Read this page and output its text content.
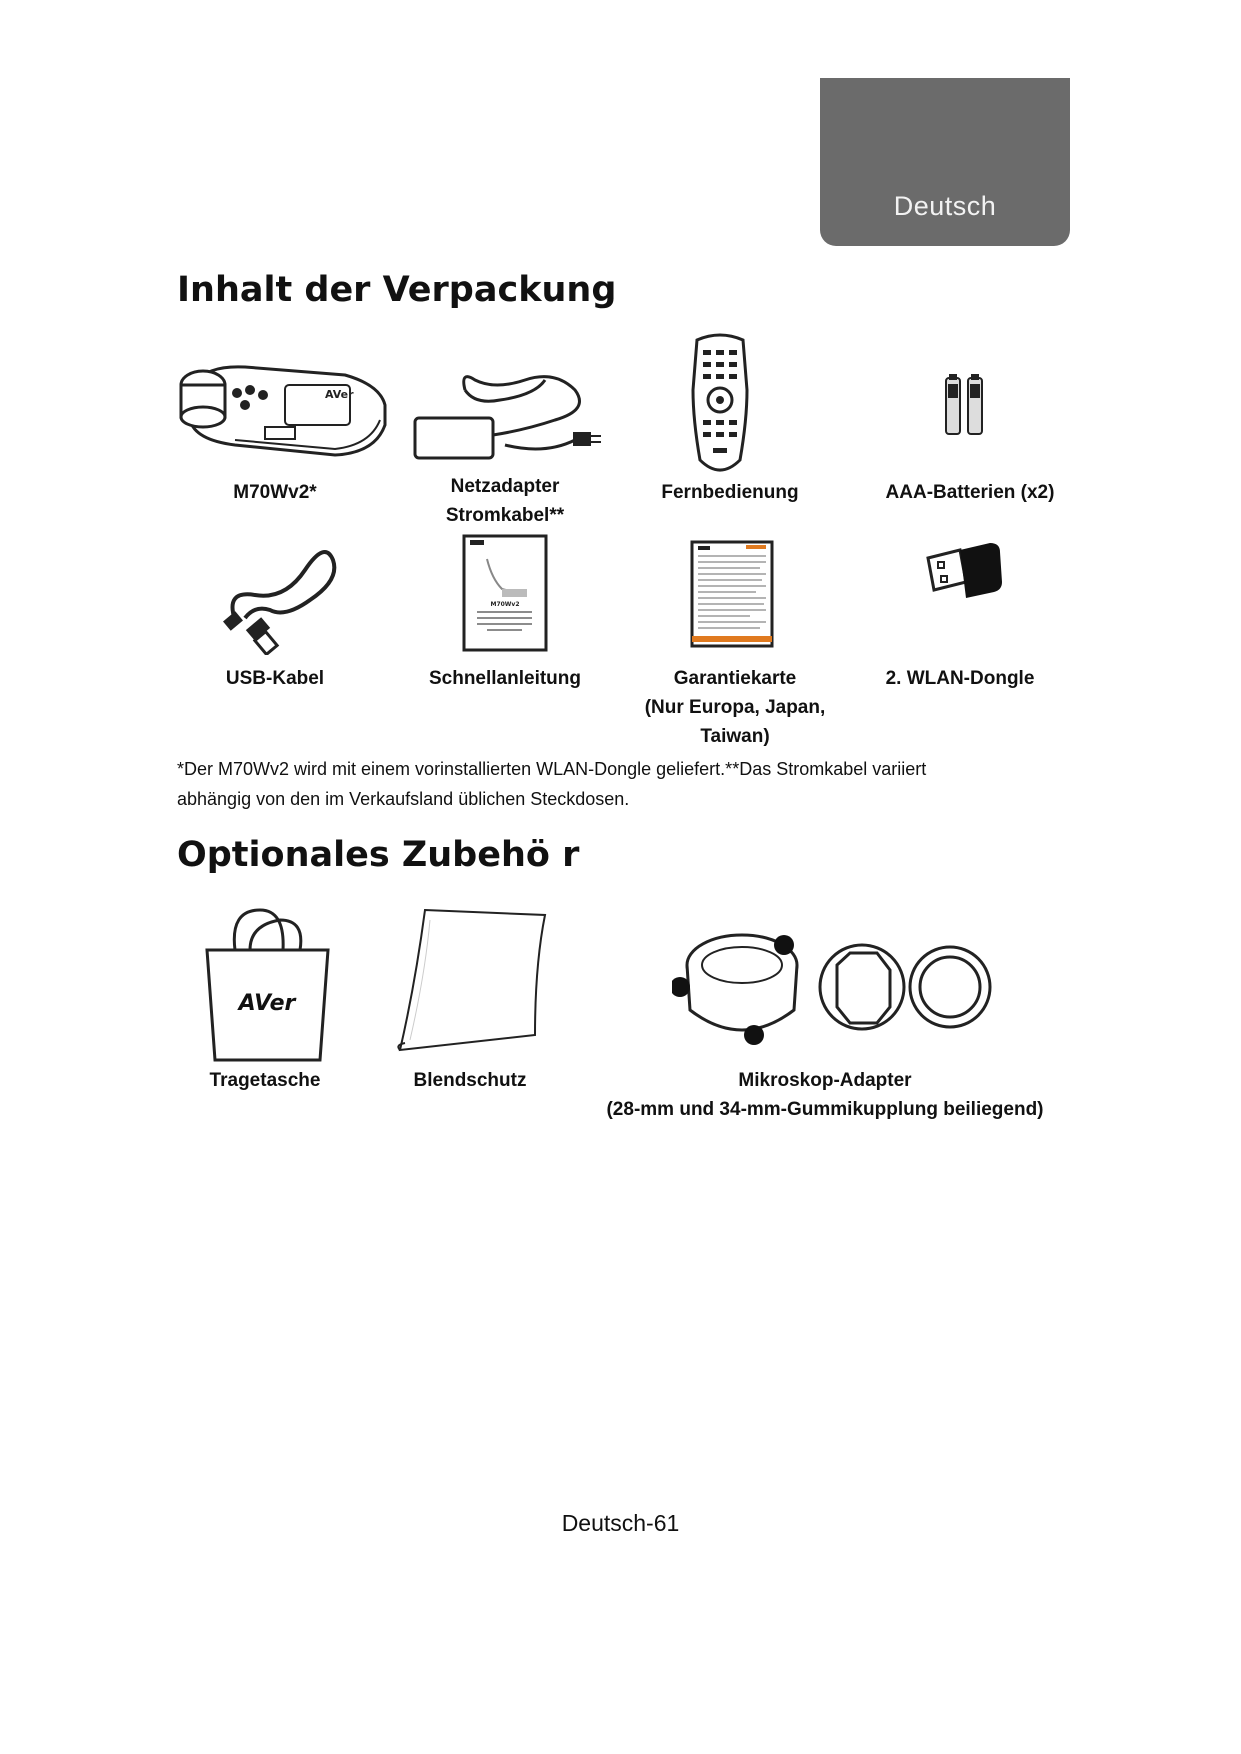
Deutsch
Inhalt der Verpackung
AVer
M70Wv2*	Netzadapter
Stromkabel**
Fernbedienung	AAA-Batterien (x2)
M70Wv2
USB-Kabel	Schnellanleitung	Garantiekarte
(Nur Europa, Japan,
Taiwan)
2. WLAN-Dongle
*Der M70Wv2 wird mit einem vorinstallierten WLAN-Dongle geliefert.**Das Stromkabel variiert
abhängig von den im Verkaufsland üblichen Steckdosen.
Optionales Zubehö r
AVer
Tragetasche	Blendschutz	Mikroskop-Adapter
(28-mm und 34-mm-Gummikupplung beiliegend)
Deutsch-61
